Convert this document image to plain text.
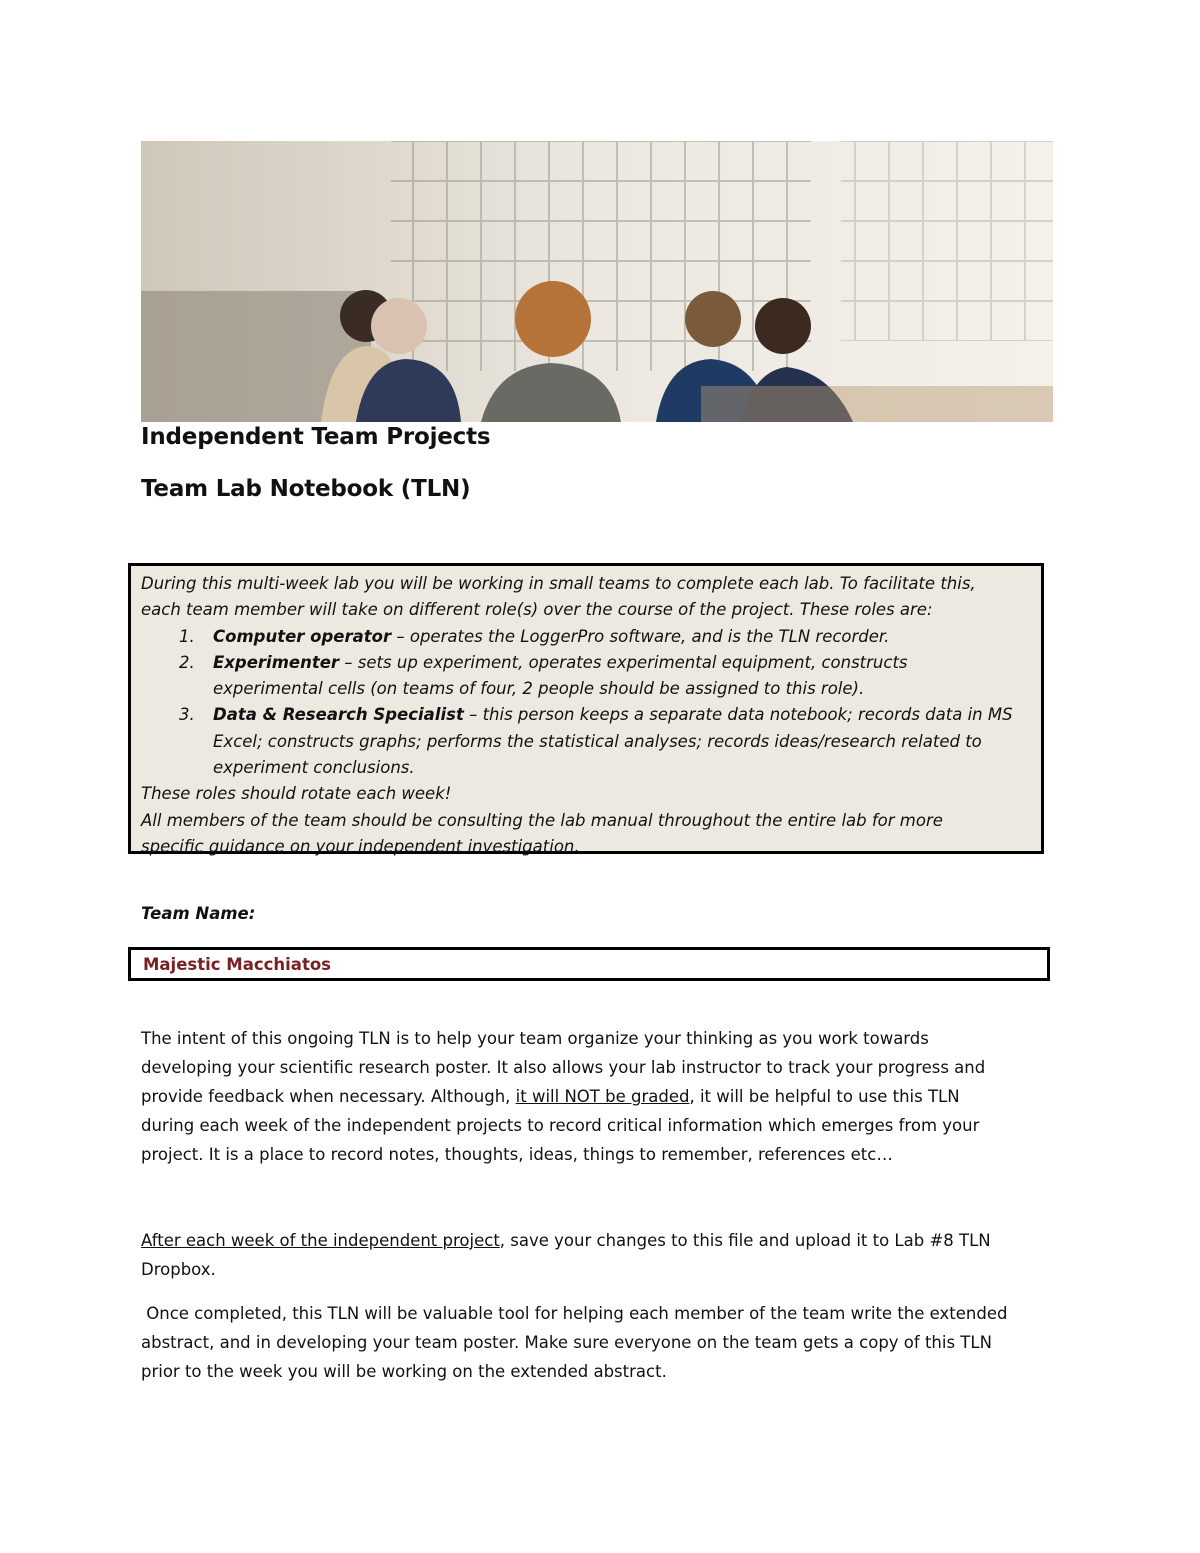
Independent Team Projects
Team Lab Notebook (TLN)

During this multi-week lab you will be working in small teams to complete each lab. To facilitate this,

each team member will take on different role(s) over the course of the project. These roles are:

1. Computer operator – operates the LoggerPro software, and is the TLN recorder.
2. Experimenter – sets up experiment, operates experimental equipment, constructs
experimental cells (on teams of four, 2 people should be assigned to this role).
3. Data & Research Specialist – this person keeps a separate data notebook; records data in MS
Excel; constructs graphs; performs the statistical analyses; records ideas/research related to
experiment conclusions.

These roles should rotate each week!

All members of the team should be consulting the lab manual throughout the entire lab for more

specific guidance on your independent investigation.

Team Name:
Majestic Macchiatos
The intent of this ongoing TLN is to help your team organize your thinking as you work towards
developing your scientific research poster. It also allows your lab instructor to track your progress and
provide feedback when necessary. Although, it will NOT be graded, it will be helpful to use this TLN
during each week of the independent projects to record critical information which emerges from your
project. It is a place to record notes, thoughts, ideas, things to remember, references etc…
After each week of the independent project, save your changes to this file and upload it to Lab #8 TLN
Dropbox.
Once completed, this TLN will be valuable tool for helping each member of the team write the extended
abstract, and in developing your team poster. Make sure everyone on the team gets a copy of this TLN
prior to the week you will be working on the extended abstract.
